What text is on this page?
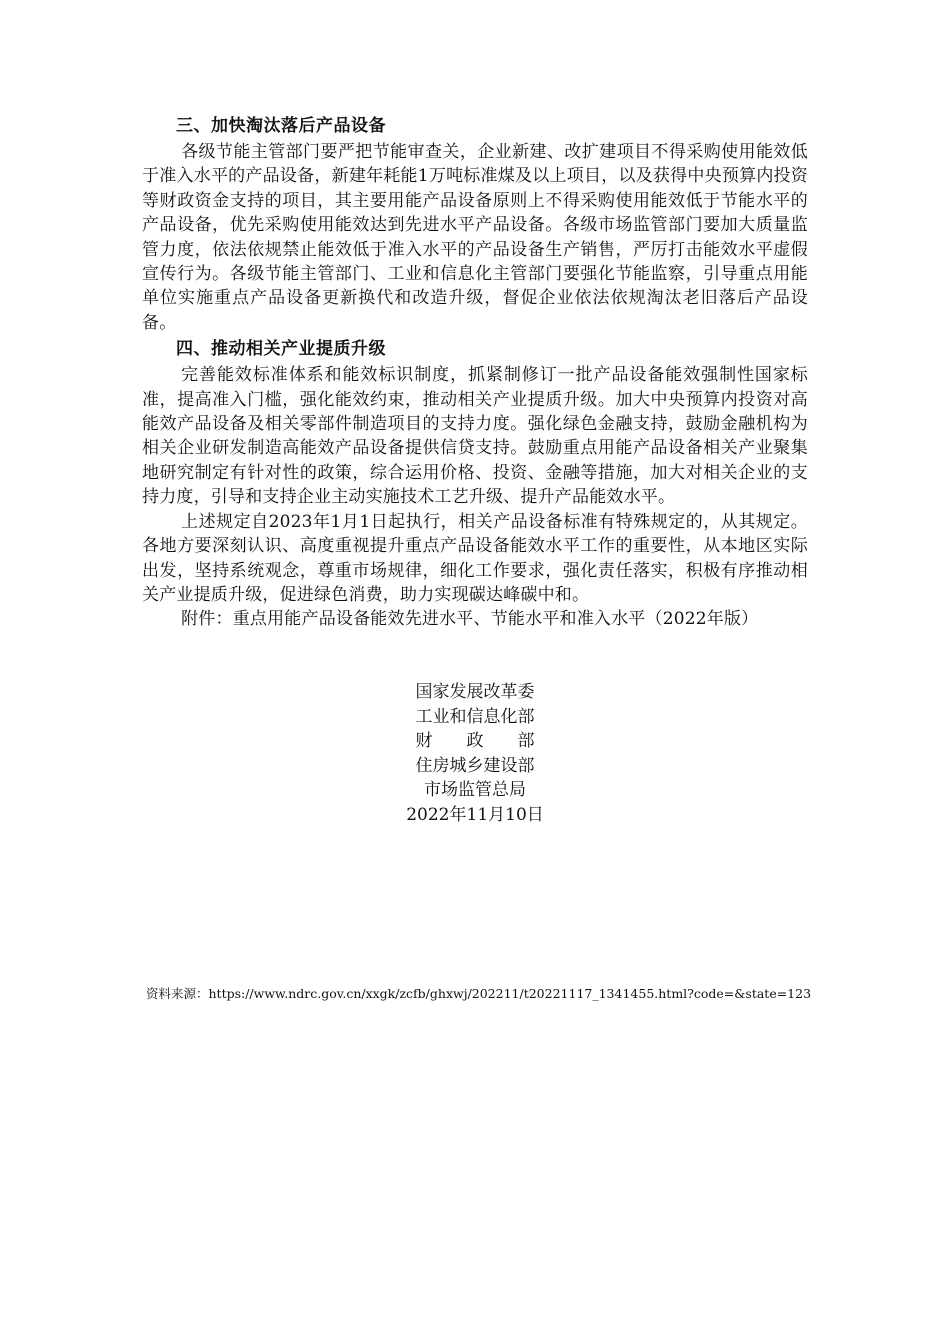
三、加快淘汰落后产品设备

各级节能主管部门要严把节能审查关，企业新建、改扩建项目不得采购使用能效低于准入水平的产品设备，新建年耗能1万吨标准煤及以上项目，以及获得中央预算内投资等财政资金支持的项目，其主要用能产品设备原则上不得采购使用能效低于节能水平的产品设备，优先采购使用能效达到先进水平产品设备。各级市场监管部门要加大质量监管力度，依法依规禁止能效低于准入水平的产品设备生产销售，严厉打击能效水平虚假宣传行为。各级节能主管部门、工业和信息化主管部门要强化节能监察，引导重点用能单位实施重点产品设备更新换代和改造升级，督促企业依法依规淘汰老旧落后产品设备。

四、推动相关产业提质升级

完善能效标准体系和能效标识制度，抓紧制修订一批产品设备能效强制性国家标准，提高准入门槛，强化能效约束，推动相关产业提质升级。加大中央预算内投资对高能效产品设备及相关零部件制造项目的支持力度。强化绿色金融支持，鼓励金融机构为相关企业研发制造高能效产品设备提供信贷支持。鼓励重点用能产品设备相关产业聚集地研究制定有针对性的政策，综合运用价格、投资、金融等措施，加大对相关企业的支持力度，引导和支持企业主动实施技术工艺升级、提升产品能效水平。

上述规定自2023年1月1日起执行，相关产品设备标准有特殊规定的，从其规定。各地方要深刻认识、高度重视提升重点产品设备能效水平工作的重要性，从本地区实际出发，坚持系统观念，尊重市场规律，细化工作要求，强化责任落实，积极有序推动相关产业提质升级，促进绿色消费，助力实现碳达峰碳中和。

附件：重点用能产品设备能效先进水平、节能水平和准入水平（2022年版）

国家发展改革委
工业和信息化部
财　　政　　部
住房城乡建设部
市场监管总局
2022年11月10日
资料来源：https://www.ndrc.gov.cn/xxgk/zcfb/ghxwj/202211/t20221117_1341455.html?code=&state=123
